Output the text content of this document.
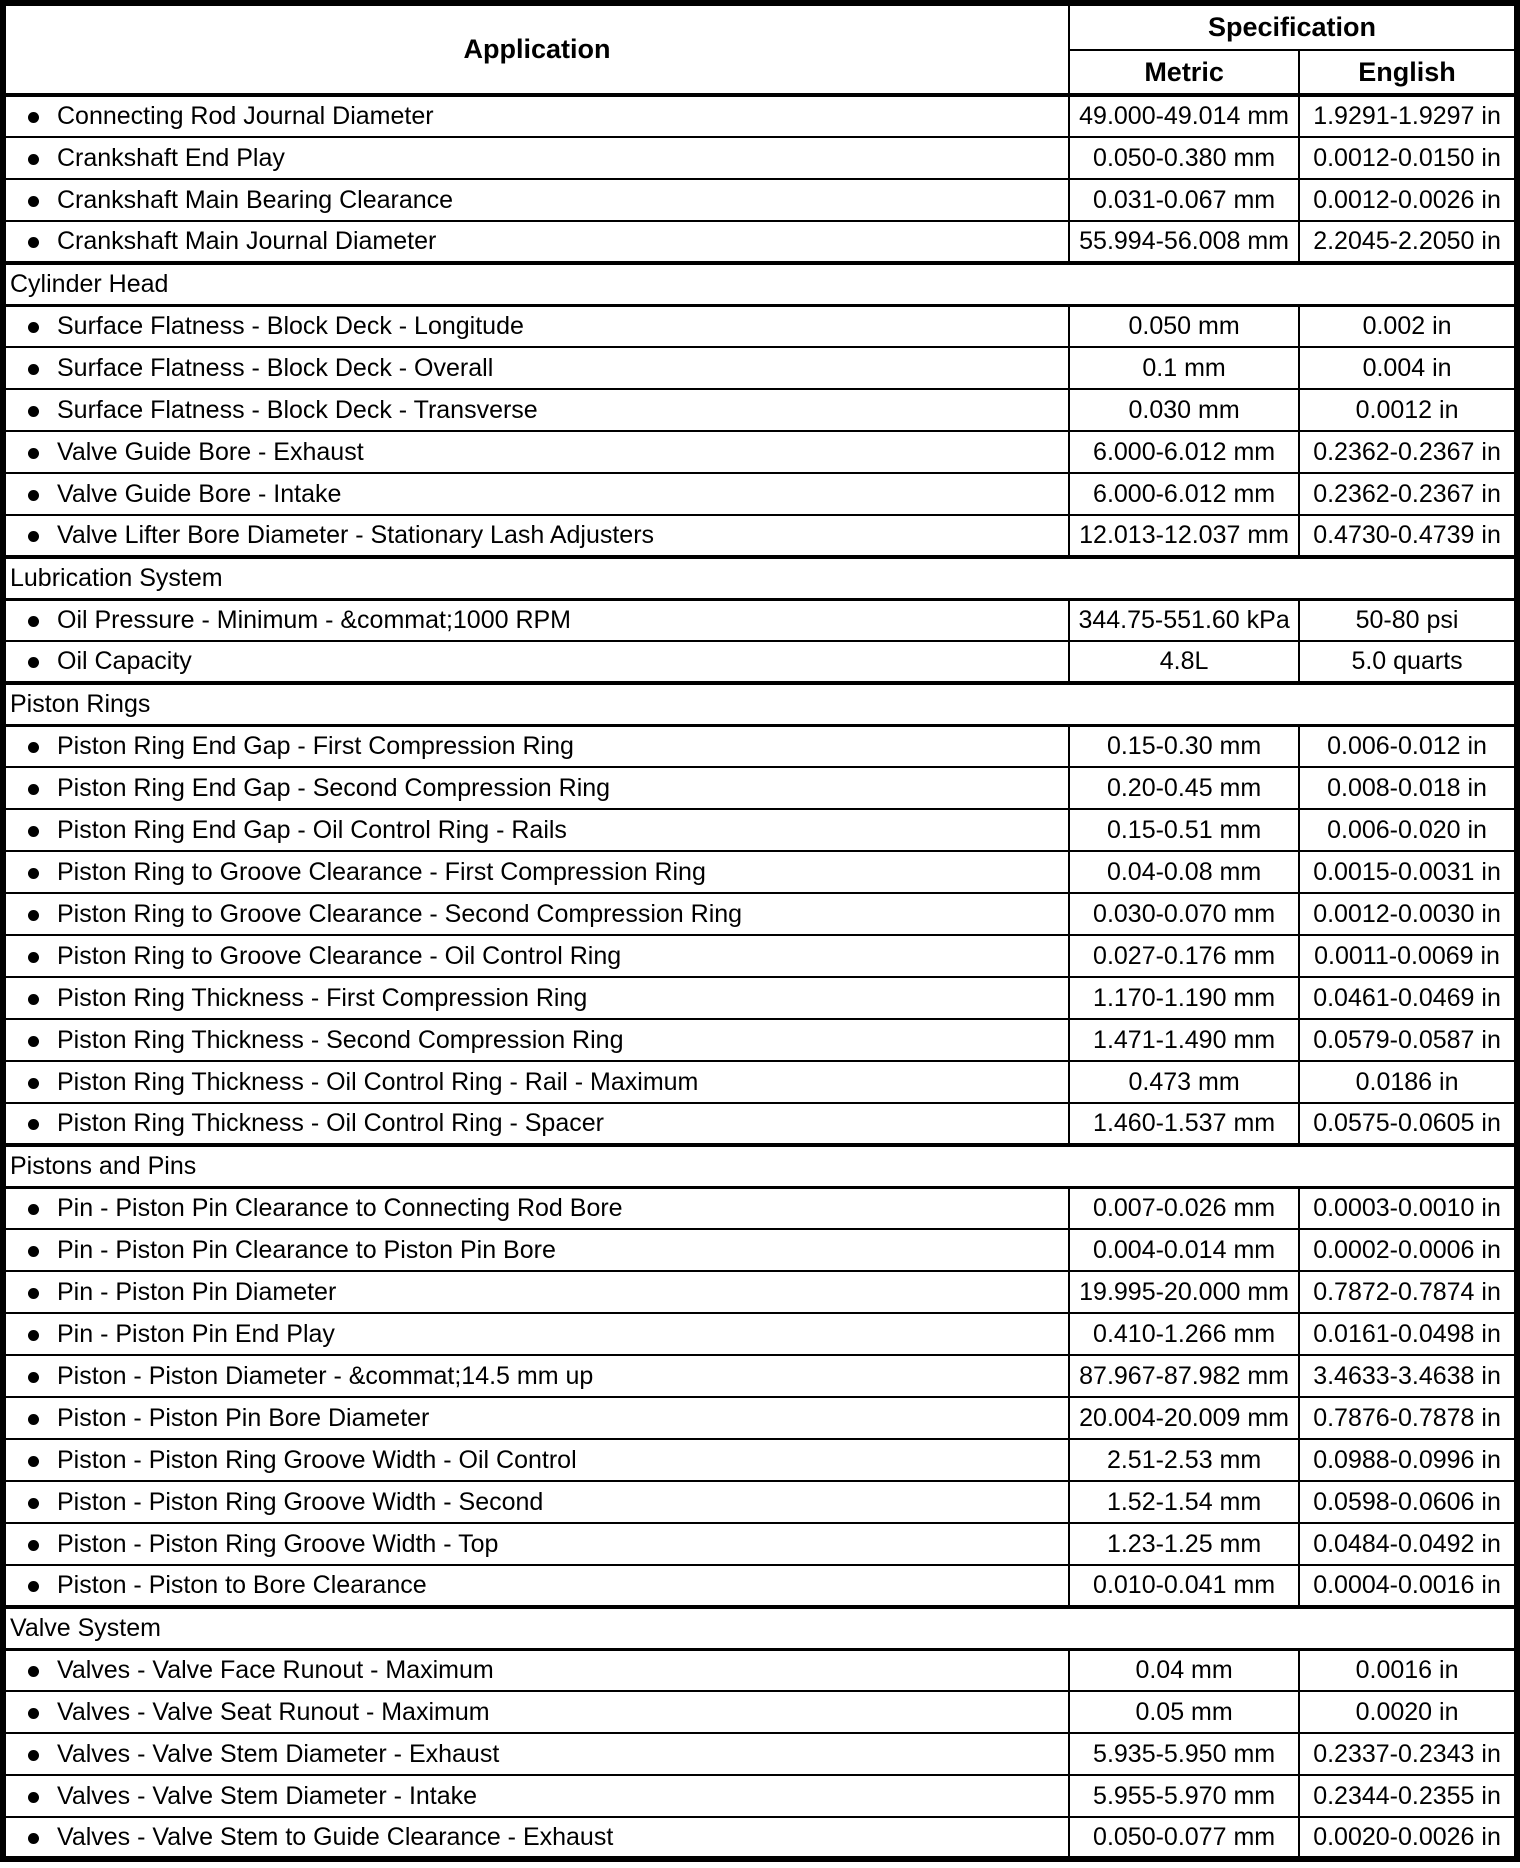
Application	Specification	
	Metric	English
Connecting Rod Journal Diameter	49.000-49.014 mm	1.9291-1.9297 in
Crankshaft End Play	0.050-0.380 mm	0.0012-0.0150 in
Crankshaft Main Bearing Clearance	0.031-0.067 mm	0.0012-0.0026 in
Crankshaft Main Journal Diameter	55.994-56.008 mm	2.2045-2.2050 in
Cylinder Head		
Surface Flatness - Block Deck - Longitude	0.050 mm	0.002 in
Surface Flatness - Block Deck - Overall	0.1 mm	0.004 in
Surface Flatness - Block Deck - Transverse	0.030 mm	0.0012 in
Valve Guide Bore - Exhaust	6.000-6.012 mm	0.2362-0.2367 in
Valve Guide Bore - Intake	6.000-6.012 mm	0.2362-0.2367 in
Valve Lifter Bore Diameter - Stationary Lash Adjusters	12.013-12.037 mm	0.4730-0.4739 in
Lubrication System		
Oil Pressure - Minimum - &commat;1000 RPM	344.75-551.60 kPa	50-80 psi
Oil Capacity	4.8L	5.0 quarts
Piston Rings		
Piston Ring End Gap - First Compression Ring	0.15-0.30 mm	0.006-0.012 in
Piston Ring End Gap - Second Compression Ring	0.20-0.45 mm	0.008-0.018 in
Piston Ring End Gap - Oil Control Ring - Rails	0.15-0.51 mm	0.006-0.020 in
Piston Ring to Groove Clearance - First Compression Ring	0.04-0.08 mm	0.0015-0.0031 in
Piston Ring to Groove Clearance - Second Compression Ring	0.030-0.070 mm	0.0012-0.0030 in
Piston Ring to Groove Clearance - Oil Control Ring	0.027-0.176 mm	0.0011-0.0069 in
Piston Ring Thickness - First Compression Ring	1.170-1.190 mm	0.0461-0.0469 in
Piston Ring Thickness - Second Compression Ring	1.471-1.490 mm	0.0579-0.0587 in
Piston Ring Thickness - Oil Control Ring - Rail - Maximum	0.473 mm	0.0186 in
Piston Ring Thickness - Oil Control Ring - Spacer	1.460-1.537 mm	0.0575-0.0605 in
Pistons and Pins		
Pin - Piston Pin Clearance to Connecting Rod Bore	0.007-0.026 mm	0.0003-0.0010 in
Pin - Piston Pin Clearance to Piston Pin Bore	0.004-0.014 mm	0.0002-0.0006 in
Pin - Piston Pin Diameter	19.995-20.000 mm	0.7872-0.7874 in
Pin - Piston Pin End Play	0.410-1.266 mm	0.0161-0.0498 in
Piston - Piston Diameter - &commat;14.5 mm up	87.967-87.982 mm	3.4633-3.4638 in
Piston - Piston Pin Bore Diameter	20.004-20.009 mm	0.7876-0.7878 in
Piston - Piston Ring Groove Width - Oil Control	2.51-2.53 mm	0.0988-0.0996 in
Piston - Piston Ring Groove Width - Second	1.52-1.54 mm	0.0598-0.0606 in
Piston - Piston Ring Groove Width - Top	1.23-1.25 mm	0.0484-0.0492 in
Piston - Piston to Bore Clearance	0.010-0.041 mm	0.0004-0.0016 in
Valve System		
Valves - Valve Face Runout - Maximum	0.04 mm	0.0016 in
Valves - Valve Seat Runout - Maximum	0.05 mm	0.0020 in
Valves - Valve Stem Diameter - Exhaust	5.935-5.950 mm	0.2337-0.2343 in
Valves - Valve Stem Diameter - Intake	5.955-5.970 mm	0.2344-0.2355 in
Valves - Valve Stem to Guide Clearance - Exhaust	0.050-0.077 mm	0.0020-0.0026 in
